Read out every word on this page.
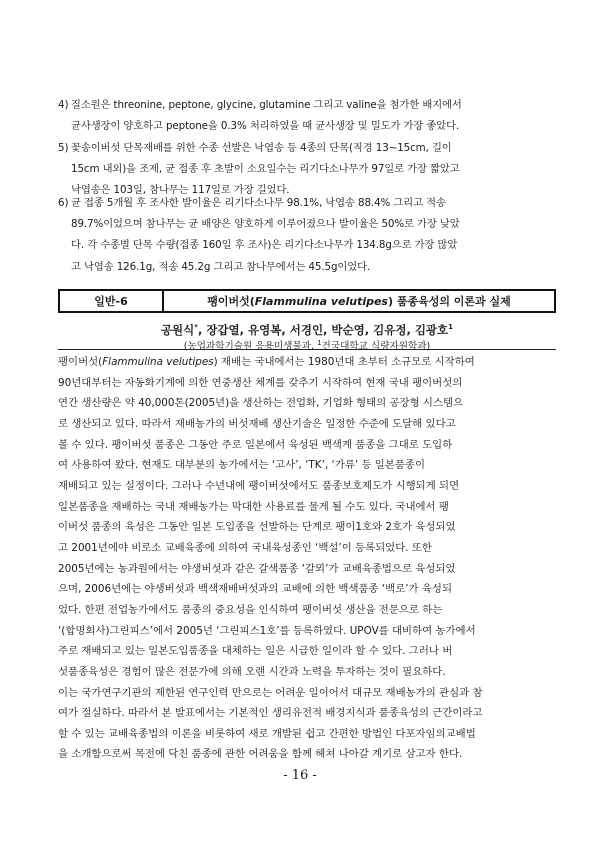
4) 질소원은 threonine, peptone, glycine, glutamine 그리고 valine을 첨가한 배지에서
균사생장이 양호하고 peptone을 0.3% 처리하였을 때 균사생장 및 밀도가 가장 좋았다.
5) 꽃송이버섯 단목재배를 위한 수종 선발은 낙엽송 등 4종의 단목(직경 13~15cm, 길이
15cm 내외)을 조제, 균 접종 후 초발이 소요일수는 리기다소나무가 97일로 가장 짧았고
낙엽송은 103일, 참나무는 117일로 가장 길었다.
6) 균 접종 5개월 후 조사한 발이율은 리기다소나무 98.1%, 낙엽송 88.4% 그리고 적송
89.7%이었으며 참나무는 균 배양은 양호하게 이루어졌으나 발이율은 50%로 가장 낮았
다. 각 수종별 단목 수량(접종 160일 후 조사)은 리기다소나무가 134.8g으로 가장 많았
고 낙엽송 126.1g, 적송 45.2g 그리고 참나무에서는 45.5g이었다.
일반-6	팽이버섯(Flammulina velutipes) 품종육성의 이론과 실제
공원식*, 장갑열, 유영복, 서경인, 박순영, 김유정, 김광호$^1$
(농업과학기술원 응용미생물과, $^1$건국대학교 식량자원학과)
팽이버섯(Flammulina velutipes) 재배는 국내에서는 1980년대 초부터 소규모로 시작하여
90년대부터는 자동화기계에 의한 연중생산 체계를 갖추기 시작하여 현재 국내 팽이버섯의
연간 생산량은 약 40,000톤(2005년)을 생산하는 전업화, 기업화 형태의 공장형 시스템으
로 생산되고 있다. 따라서 재배농가의 버섯재배 생산기술은 일정한 수준에 도달해 있다고
볼 수 있다. 팽이버섯 품종은 그동안 주로 일본에서 육성된 백색계 품종을 그대로 도입하
여 사용하여 왔다. 현재도 대부분의 농가에서는 ‘고사’, ‘TK’, ‘가류’ 등 일본품종이
재배되고 있는 실정이다. 그러나 수년내에 팽이버섯에서도 품종보호제도가 시행되게 되면
일본품종을 재배하는 국내 재배농가는 막대한 사용료를 물게 될 수도 있다. 국내에서 팽
이버섯 품종의 육성은 그동안 일본 도입종을 선발하는 단계로 팽이1호와 2호가 육성되었
고 2001년에야 비로소 교배육종에 의하여 국내육성종인 ‘백설’이 등록되었다. 또한
2005년에는 농과원에서는 야생버섯과 같은 갈색품종 ‘갈뫼’가 교배육종법으로 육성되었
으며, 2006년에는 야생버섯과 백색재배버섯과의 교배에 의한 백색품종 ‘백로’가 육성되
었다. 한편 전업농가에서도 품종의 중요성을 인식하여 팽이버섯 생산을 전문으로 하는
‘(합명회사)그린피스’에서 2005년 ‘그린피스1호’를 등록하였다. UPOV를 대비하여 농가에서
주로 재배되고 있는 일본도입품종을 대체하는 일은 시급한 일이라 할 수 있다. 그러나 버
섯품종육성은 경험이 많은 전문가에 의해 오랜 시간과 노력을 투자하는 것이 필요하다.
이는 국가연구기관의 제한된 연구인력 만으로는 어려운 일이어서 대규모 재배농가의 관심과 참
여가 절실하다. 따라서 본 발표에서는 기본적인 생리유전적 배경지식과 품종육성의 근간이라고
할 수 있는 교배육종법의 이론을 비롯하여 새로 개발된 쉽고 간편한 방법인 다포자임의교배법
을 소개함으로써 목전에 닥친 품종에 관한 어려움을 함께 헤쳐 나아갈 계기로 삼고자 한다.
- 16 -
